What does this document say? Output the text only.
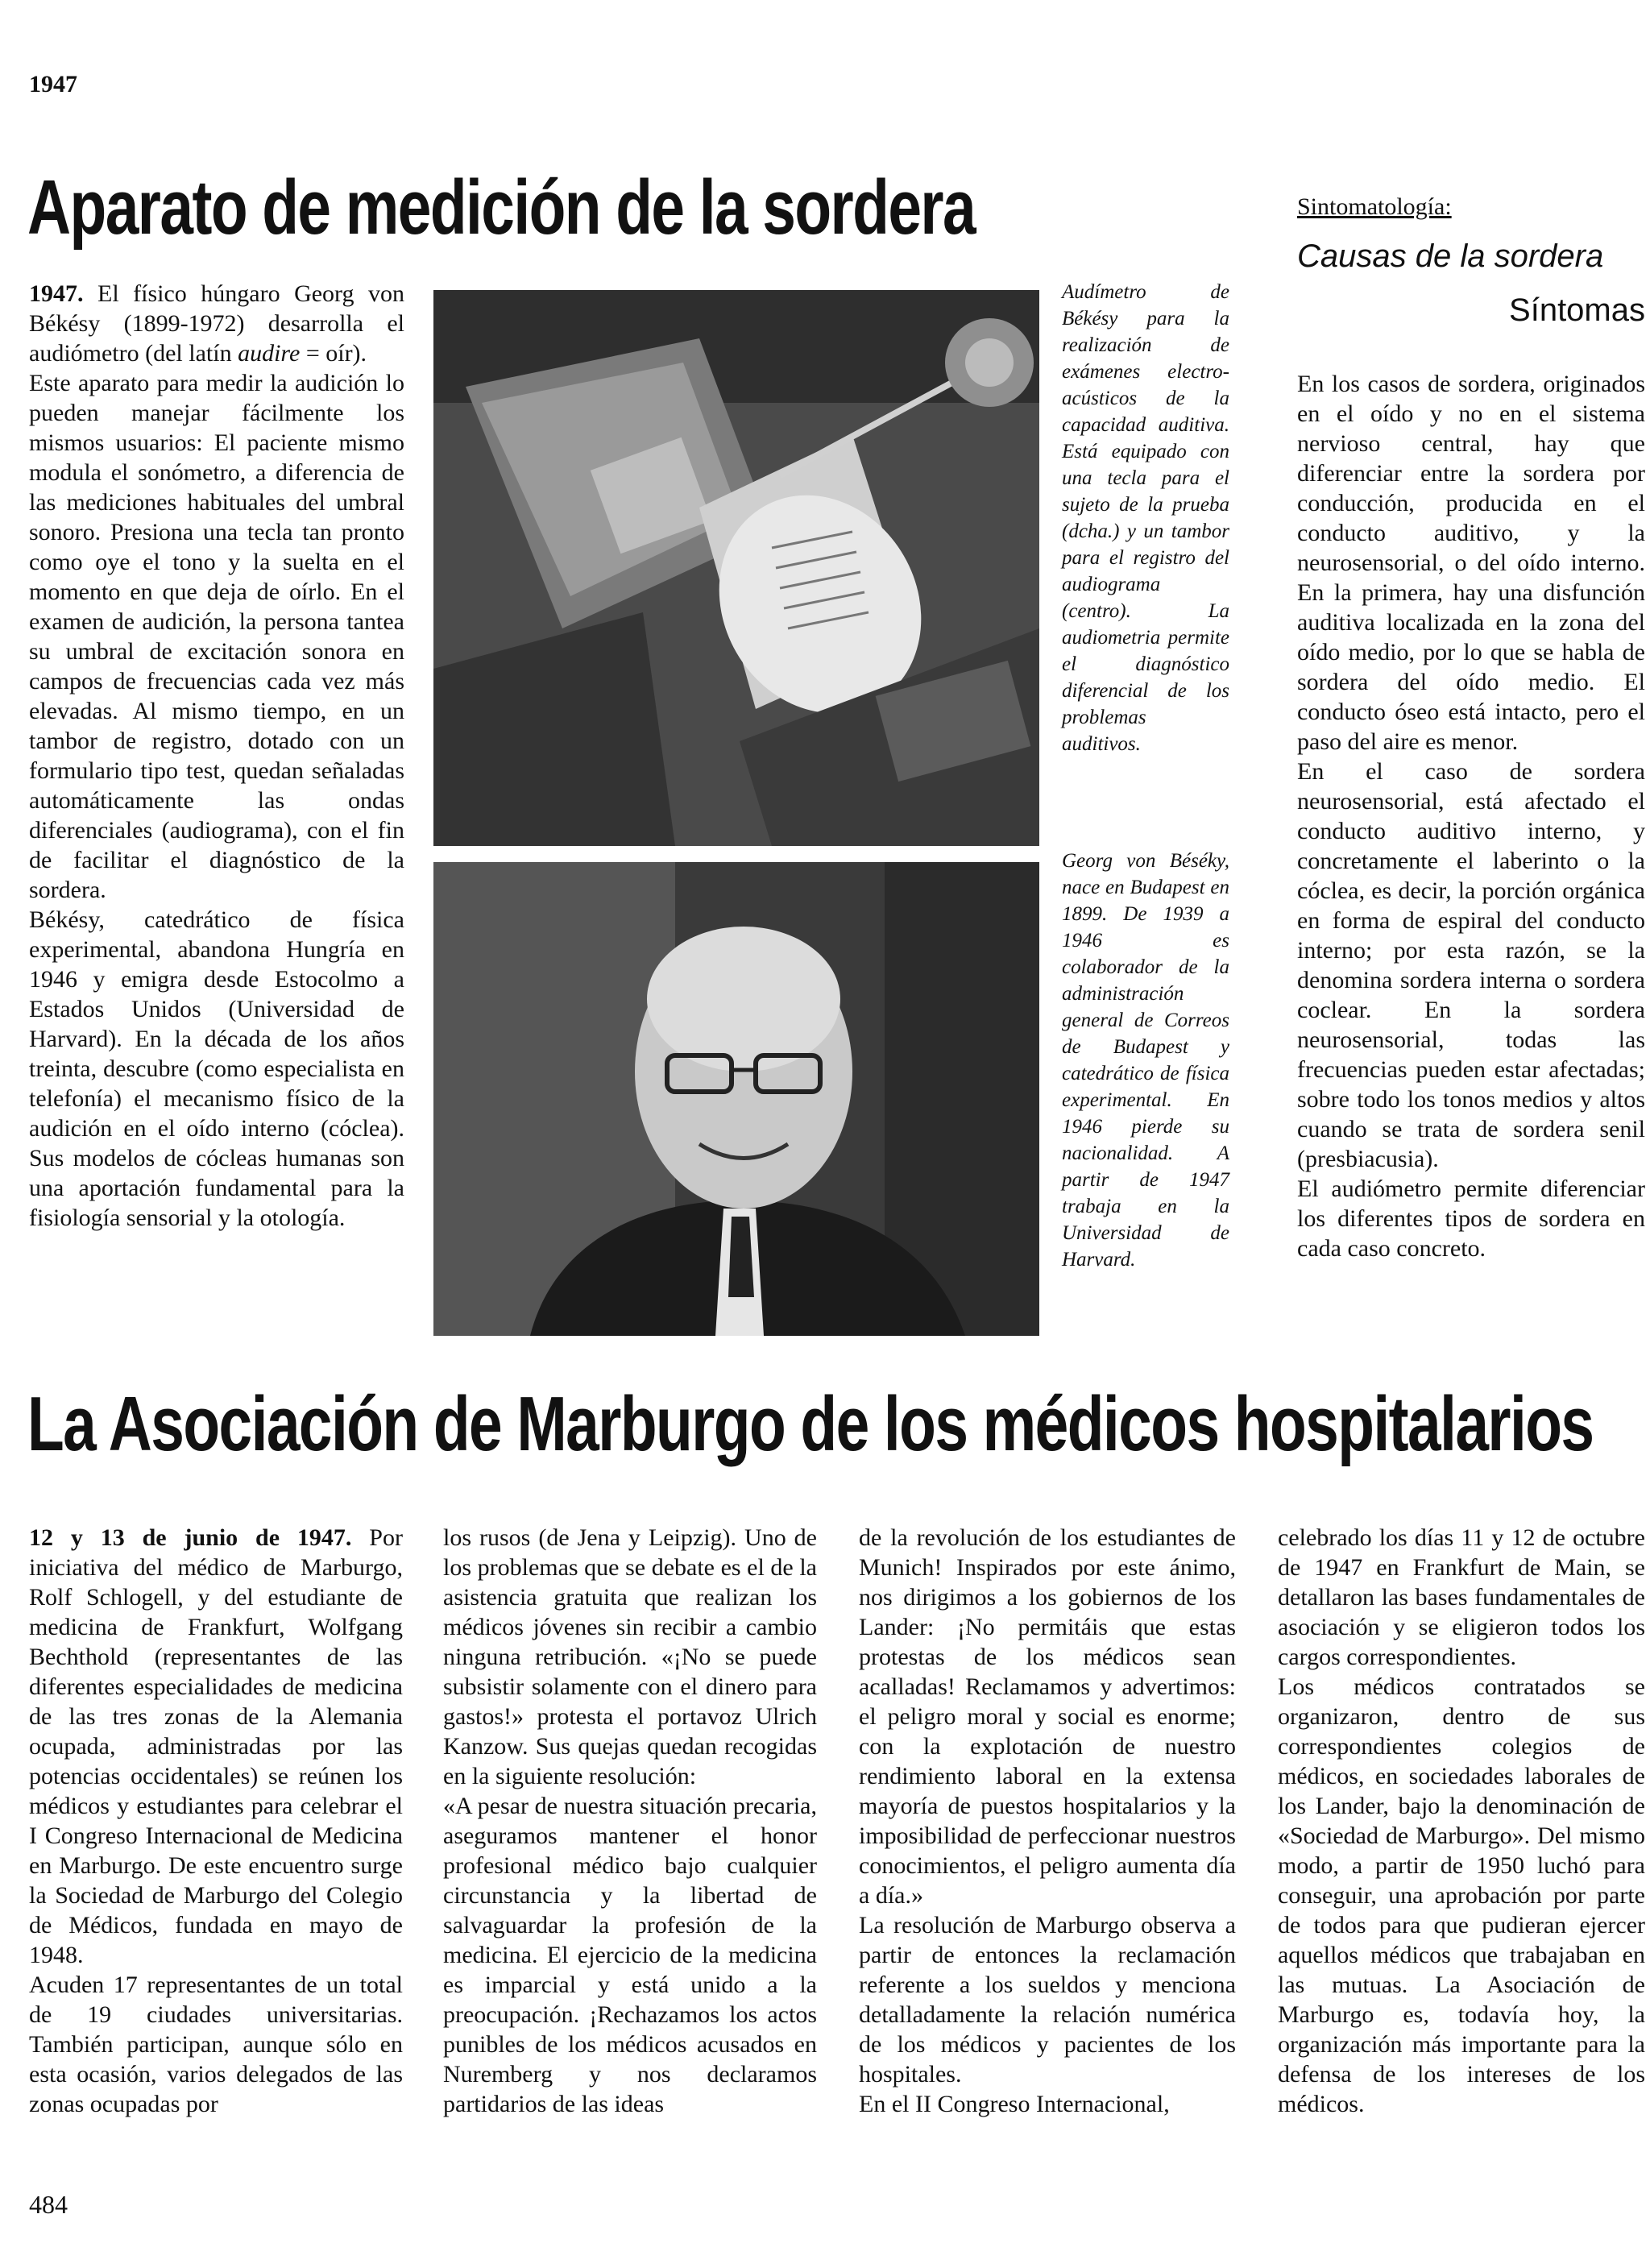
1947
Aparato de medición de la sordera

1947. El físico húngaro Georg von Békésy (1899-1972) desarrolla el audiómetro (del latín audire = oír).

Este aparato para medir la audición lo pueden manejar fácilmente los mismos usuarios: El paciente mismo modula el sonómetro, a diferencia de las mediciones habituales del umbral sonoro. Presiona una tecla tan pronto como oye el tono y la suelta en el momento en que deja de oírlo. En el examen de audición, la persona tantea su umbral de excitación sonora en campos de frecuencias cada vez más elevadas. Al mismo tiempo, en un tambor de registro, dotado con un formulario tipo test, quedan señaladas automáticamente las ondas diferenciales (audiograma), con el fin de facilitar el diagnóstico de la sordera.

Békésy, catedrático de física experimental, abandona Hungría en 1946 y emigra desde Estocolmo a Estados Unidos (Universidad de Harvard). En la década de los años treinta, descubre (como especialista en telefonía) el mecanismo físico de la audición en el oído interno (cóclea). Sus modelos de cócleas humanas son una aportación fundamental para la fisiología sensorial y la otología.

Audímetro de Békésy para la realización de exámenes electro-acústicos de la capacidad auditiva. Está equipado con una tecla para el sujeto de la prueba (dcha.) y un tambor para el registro del audiograma (centro). La audiometria permite el diagnóstico diferencial de los problemas auditivos.
Georg von Béséky, nace en Budapest en 1899. De 1939 a 1946 es colaborador de la administración general de Correos de Budapest y catedrático de física experimental. En 1946 pierde su nacionalidad. A partir de 1947 trabaja en la Universidad de Harvard.
Sintomatología:
Causas de la sordera
Síntomas

En los casos de sordera, originados en el oído y no en el sistema nervioso central, hay que diferenciar entre la sordera por conducción, producida en el conducto auditivo, y la neurosensorial, o del oído interno. En la primera, hay una disfunción auditiva localizada en la zona del oído medio, por lo que se habla de sordera del oído medio. El conducto óseo está intacto, pero el paso del aire es menor.

En el caso de sordera neurosensorial, está afectado el conducto auditivo interno, y concretamente el laberinto o la cóclea, es decir, la porción orgánica en forma de espiral del conducto interno; por esta razón, se la denomina sordera interna o sordera coclear. En la sordera neurosensorial, todas las frecuencias pueden estar afectadas; sobre todo los tonos medios y altos cuando se trata de sordera senil (presbiacusia).

El audiómetro permite diferenciar los diferentes tipos de sordera en cada caso concreto.

La Asociación de Marburgo de los médicos hospitalarios

12 y 13 de junio de 1947. Por iniciativa del médico de Marburgo, Rolf Schlogell, y del estudiante de medicina de Frankfurt, Wolfgang Bechthold (representantes de las diferentes especialidades de medicina de las tres zonas de la Alemania ocupada, administradas por las potencias occidentales) se reúnen los médicos y estudiantes para celebrar el I Congreso Internacional de Medicina en Marburgo. De este encuentro surge la Sociedad de Marburgo del Colegio de Médicos, fundada en mayo de 1948.

Acuden 17 representantes de un total de 19 ciudades universitarias. También participan, aunque sólo en esta ocasión, varios delegados de las zonas ocupadas por

los rusos (de Jena y Leipzig). Uno de los problemas que se debate es el de la asistencia gratuita que realizan los médicos jóvenes sin recibir a cambio ninguna retribución. «¡No se puede subsistir solamente con el dinero para gastos!» protesta el portavoz Ulrich Kanzow. Sus quejas quedan recogidas en la siguiente resolución:

«A pesar de nuestra situación precaria, aseguramos mantener el honor profesional médico bajo cualquier circunstancia y la libertad de salvaguardar la profesión de la medicina. El ejercicio de la medicina es imparcial y está unido a la preocupación. ¡Rechazamos los actos punibles de los médicos acusados en Nuremberg y nos declaramos partidarios de las ideas

de la revolución de los estudiantes de Munich! Inspirados por este ánimo, nos dirigimos a los gobiernos de los Lander: ¡No permitáis que estas protestas de los médicos sean acalladas! Reclamamos y advertimos: el peligro moral y social es enorme; con la explotación de nuestro rendimiento laboral en la extensa mayoría de puestos hospitalarios y la imposibilidad de perfeccionar nuestros conocimientos, el peligro aumenta día a día.»

La resolución de Marburgo observa a partir de entonces la reclamación referente a los sueldos y menciona detalladamente la relación numérica de los médicos y pacientes de los hospitales.

En el II Congreso Internacional,

celebrado los días 11 y 12 de octubre de 1947 en Frankfurt de Main, se detallaron las bases fundamentales de asociación y se eligieron todos los cargos correspondientes.

Los médicos contratados se organizaron, dentro de sus correspondientes colegios de médicos, en sociedades laborales de los Lander, bajo la denominación de «Sociedad de Marburgo». Del mismo modo, a partir de 1950 luchó para conseguir, una aprobación por parte de todos para que pudieran ejercer aquellos médicos que trabajaban en las mutuas. La Asociación de Marburgo es, todavía hoy, la organización más importante para la defensa de los intereses de los médicos.

484
